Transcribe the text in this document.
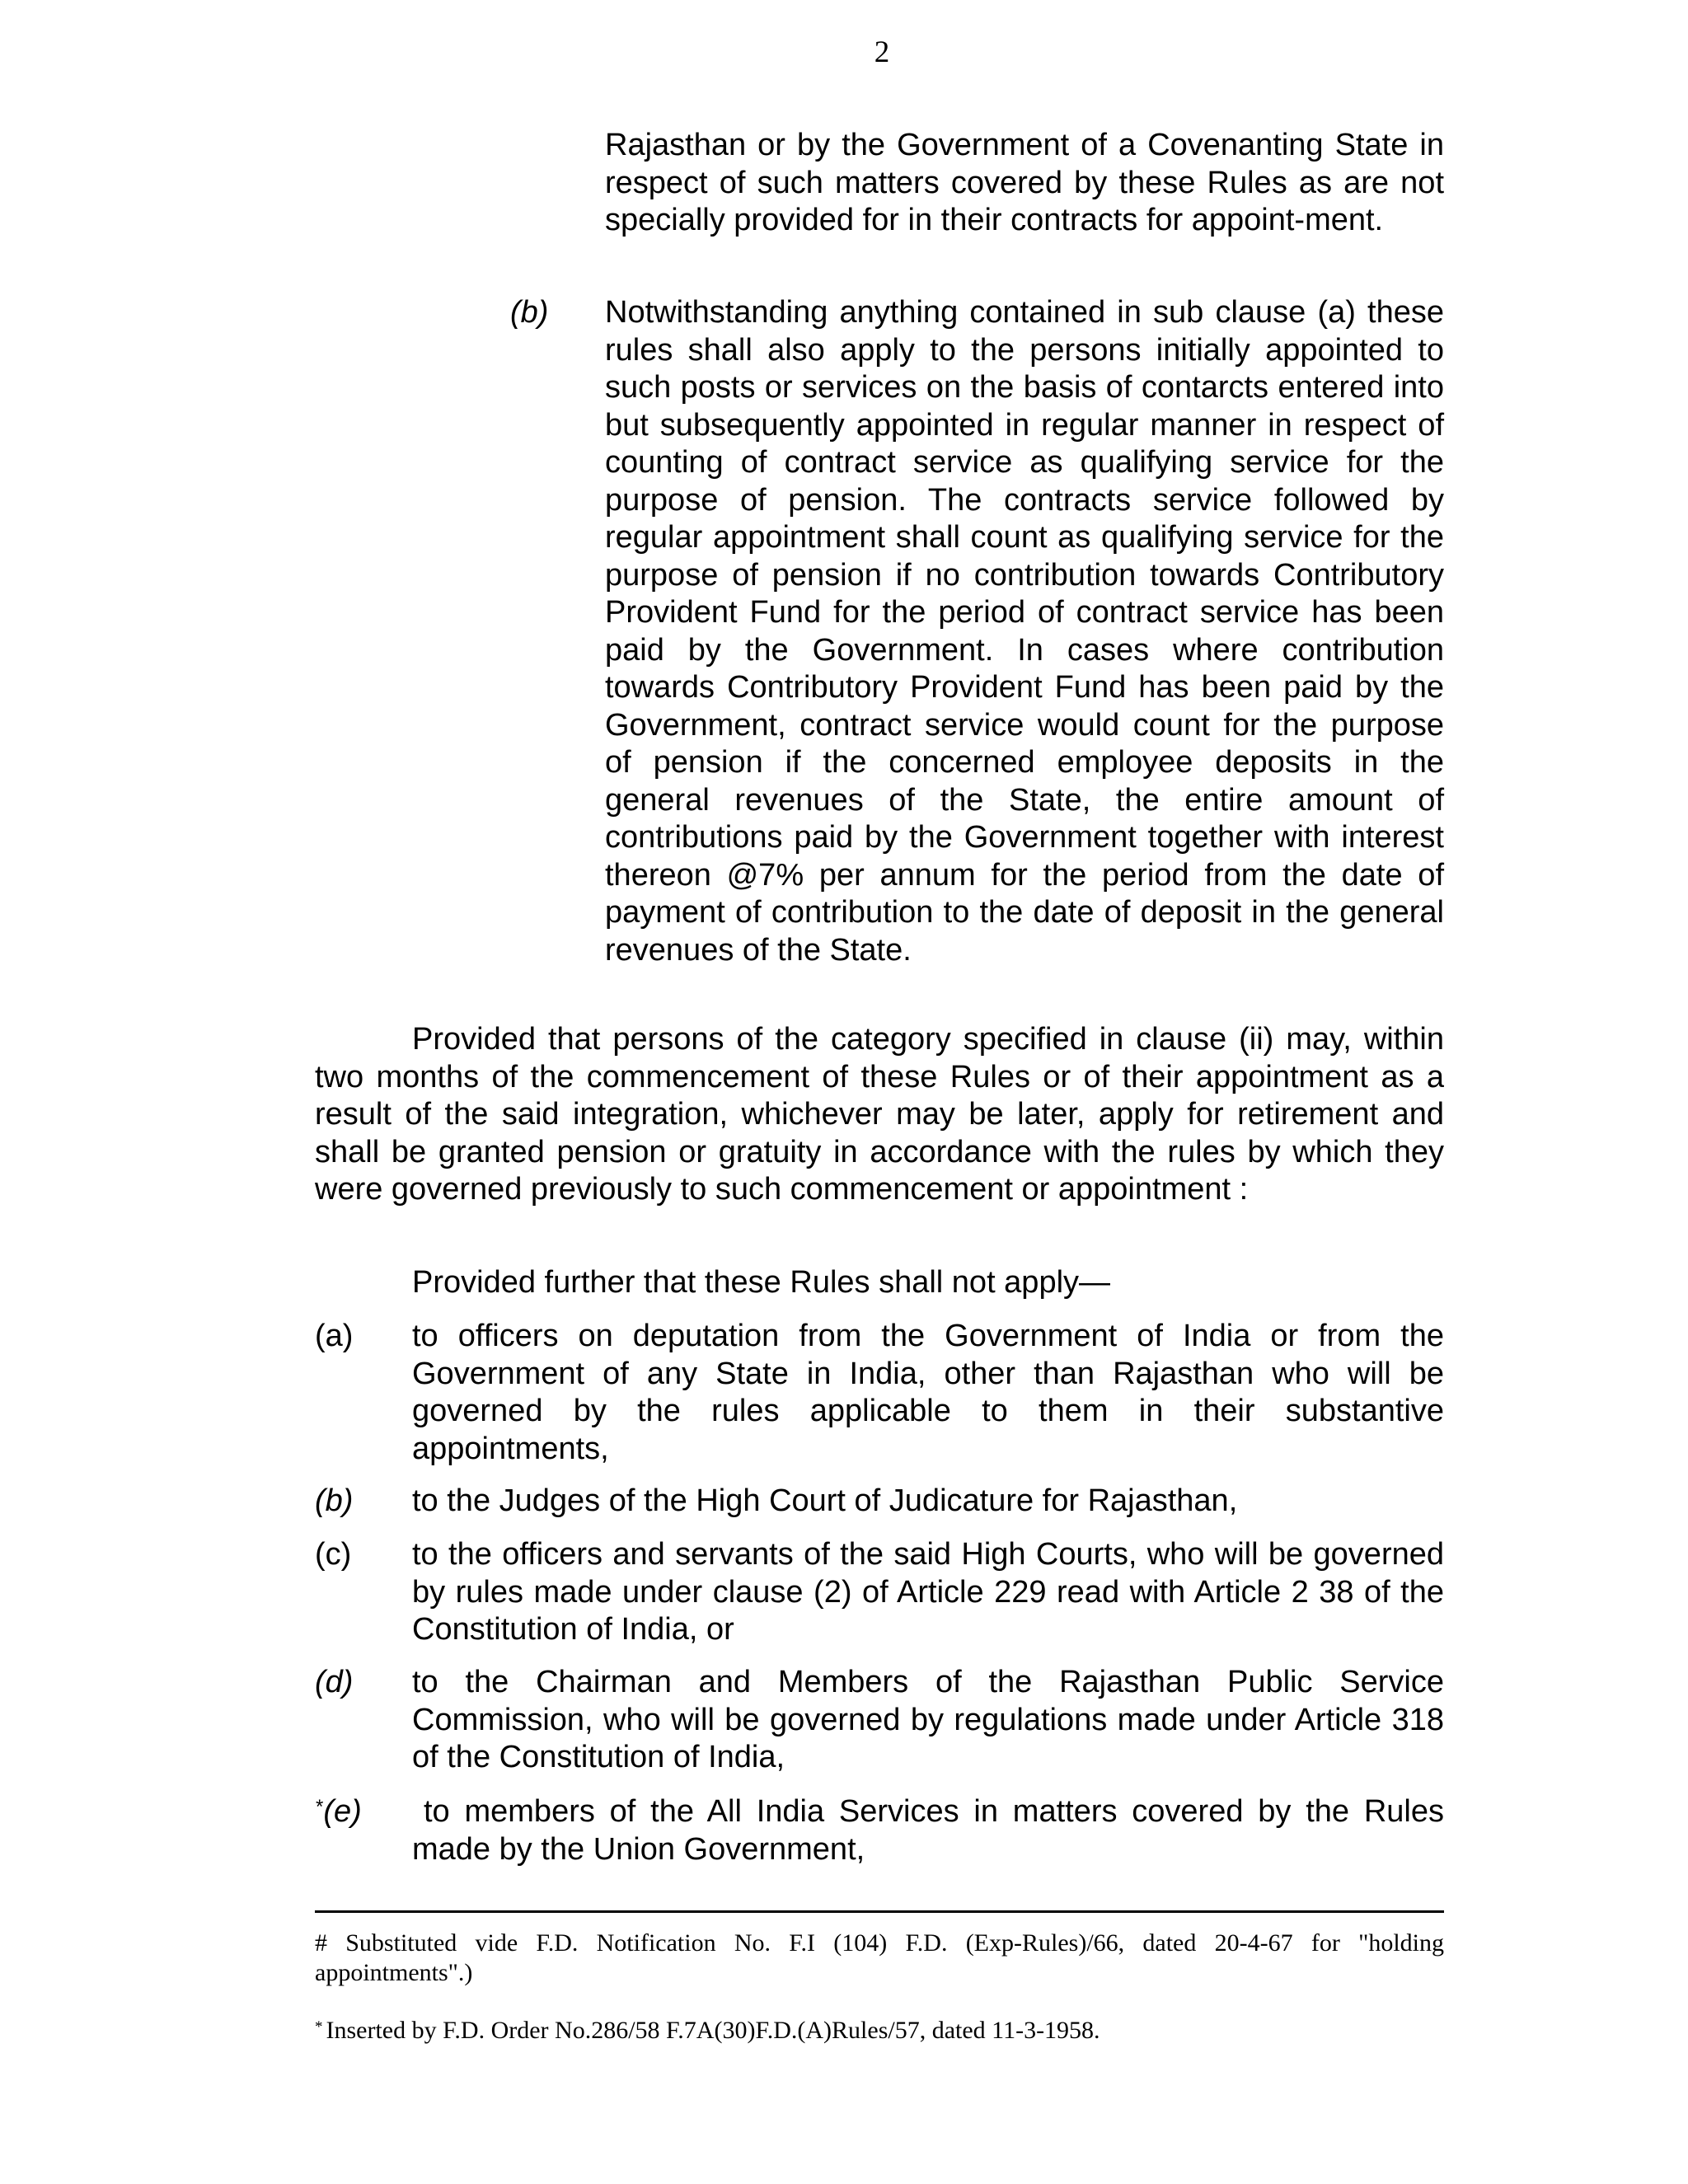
2

Rajasthan or by the Government of a Covenanting State in respect of such matters covered by these Rules as are not specially provided for in their contracts for appoint-ment.

(b) Notwithstanding anything contained in sub clause (a) these rules shall also apply to the persons initially appointed to such posts or services on the basis of contarcts entered into but subsequently appointed in regular manner in respect of counting of contract service as qualifying service for the purpose of pension. The contracts service followed by regular appointment shall count as qualifying service for the purpose of pension if no contribution towards Contributory Provident Fund for the period of contract service has been paid by the Government. In cases where contribution towards Contributory Provident Fund has been paid by the Government, contract service would count for the purpose of pension if the concerned employee deposits in the general revenues of the State, the entire amount of contributions paid by the Government together with interest thereon @7% per annum for the period from the date of payment of contribution to the date of deposit in the general revenues of the State.

Provided that persons of the category specified in clause (ii) may, within two months of the commencement of these Rules or of their appointment as a result of the said integration, whichever may be later, apply for retirement and shall be granted pension or gratuity in accordance with the rules by which they were governed previously to such commencement or appointment :

Provided further that these Rules shall not apply—

(a) to officers on deputation from the Government of India or from the Government of any State in India, other than Rajasthan who will be governed by the rules applicable to them in their substantive appointments,

(b) to the Judges of the High Court of Judicature for Rajasthan,

(c) to the officers and servants of the said High Courts, who will be governed by rules made under clause (2) of Article 229 read with Article 2 38 of the Constitution of India, or

(d) to the Chairman and Members of the Rajasthan Public Service Commission, who will be governed by regulations made under Article 318 of the Constitution of India,

*(e)	to members of the All India Services in matters covered by the Rules made by the Union Government,

# Substituted vide F.D. Notification No. F.I (104) F.D. (Exp-Rules)/66, dated 20-4-67 for "holding appointments".)

* Inserted by F.D. Order No.286/58 F.7A(30)F.D.(A)Rules/57, dated 11-3-1958.
